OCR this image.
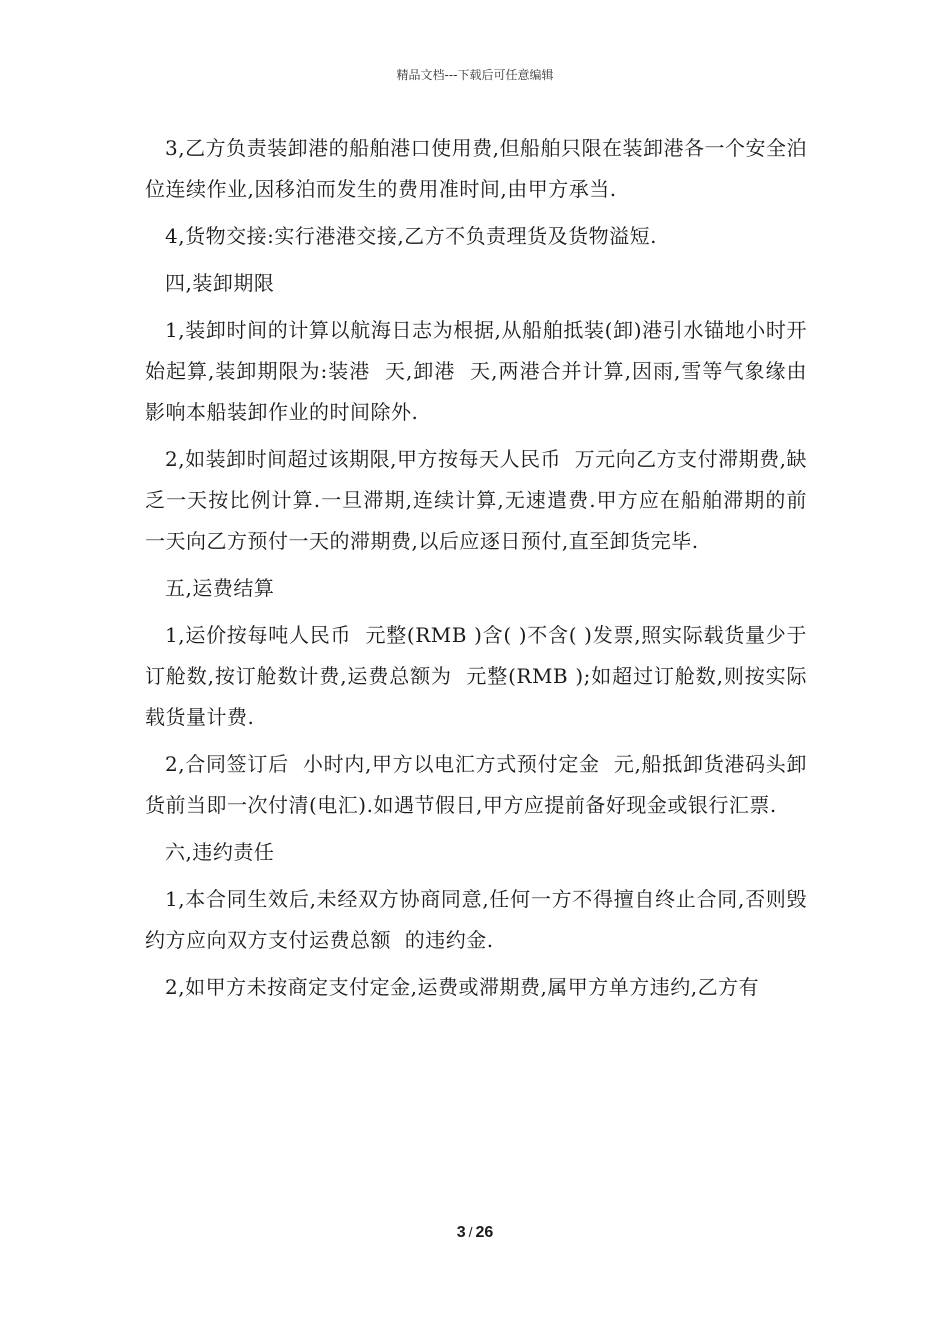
精品文档---下载后可任意编辑

3,乙方负责装卸港的船舶港口使用费,但船舶只限在装卸港各一个安全泊位连续作业,因移泊而发生的费用准时间,由甲方承当.

4,货物交接:实行港港交接,乙方不负责理货及货物溢短.

四,装卸期限

1,装卸时间的计算以航海日志为根据,从船舶抵装(卸)港引水锚地小时开始起算,装卸期限为:装港  天,卸港  天,两港合并计算,因雨,雪等气象缘由影响本船装卸作业的时间除外.

2,如装卸时间超过该期限,甲方按每天人民币  万元向乙方支付滞期费,缺乏一天按比例计算.一旦滞期,连续计算,无速遣费.甲方应在船舶滞期的前一天向乙方预付一天的滞期费,以后应逐日预付,直至卸货完毕.

五,运费结算

1,运价按每吨人民币  元整(RMB )含( )不含( )发票,照实际载货量少于订舱数,按订舱数计费,运费总额为  元整(RMB );如超过订舱数,则按实际载货量计费.

2,合同签订后  小时内,甲方以电汇方式预付定金  元,船抵卸货港码头卸货前当即一次付清(电汇).如遇节假日,甲方应提前备好现金或银行汇票.

六,违约责任

1,本合同生效后,未经双方协商同意,任何一方不得擅自终止合同,否则毁约方应向双方支付运费总额  的违约金.

2,如甲方未按商定支付定金,运费或滞期费,属甲方单方违约,乙方有

3 / 26
